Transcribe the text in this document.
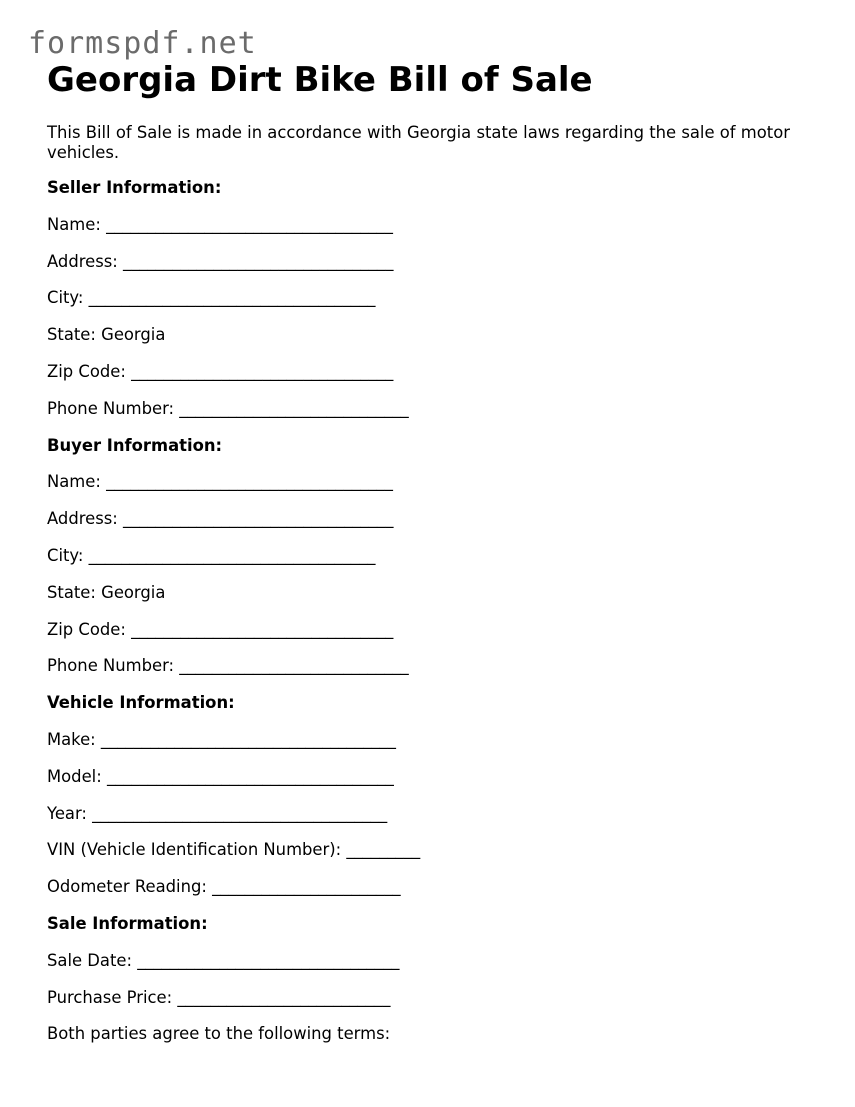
formspdf.net
Georgia Dirt Bike Bill of Sale

This Bill of Sale is made in accordance with Georgia state laws regarding the sale of motor vehicles.

Seller Information:
Name: ___________________________________
Address: _________________________________
City: ___________________________________
State: Georgia
Zip Code: ________________________________
Phone Number: ____________________________
Buyer Information:
Name: ___________________________________
Address: _________________________________
City: ___________________________________
State: Georgia
Zip Code: ________________________________
Phone Number: ____________________________
Vehicle Information:
Make: ____________________________________
Model: ___________________________________
Year: ____________________________________
VIN (Vehicle Identification Number): _________
Odometer Reading: _______________________
Sale Information:
Sale Date: ________________________________
Purchase Price: __________________________
Both parties agree to the following terms:
